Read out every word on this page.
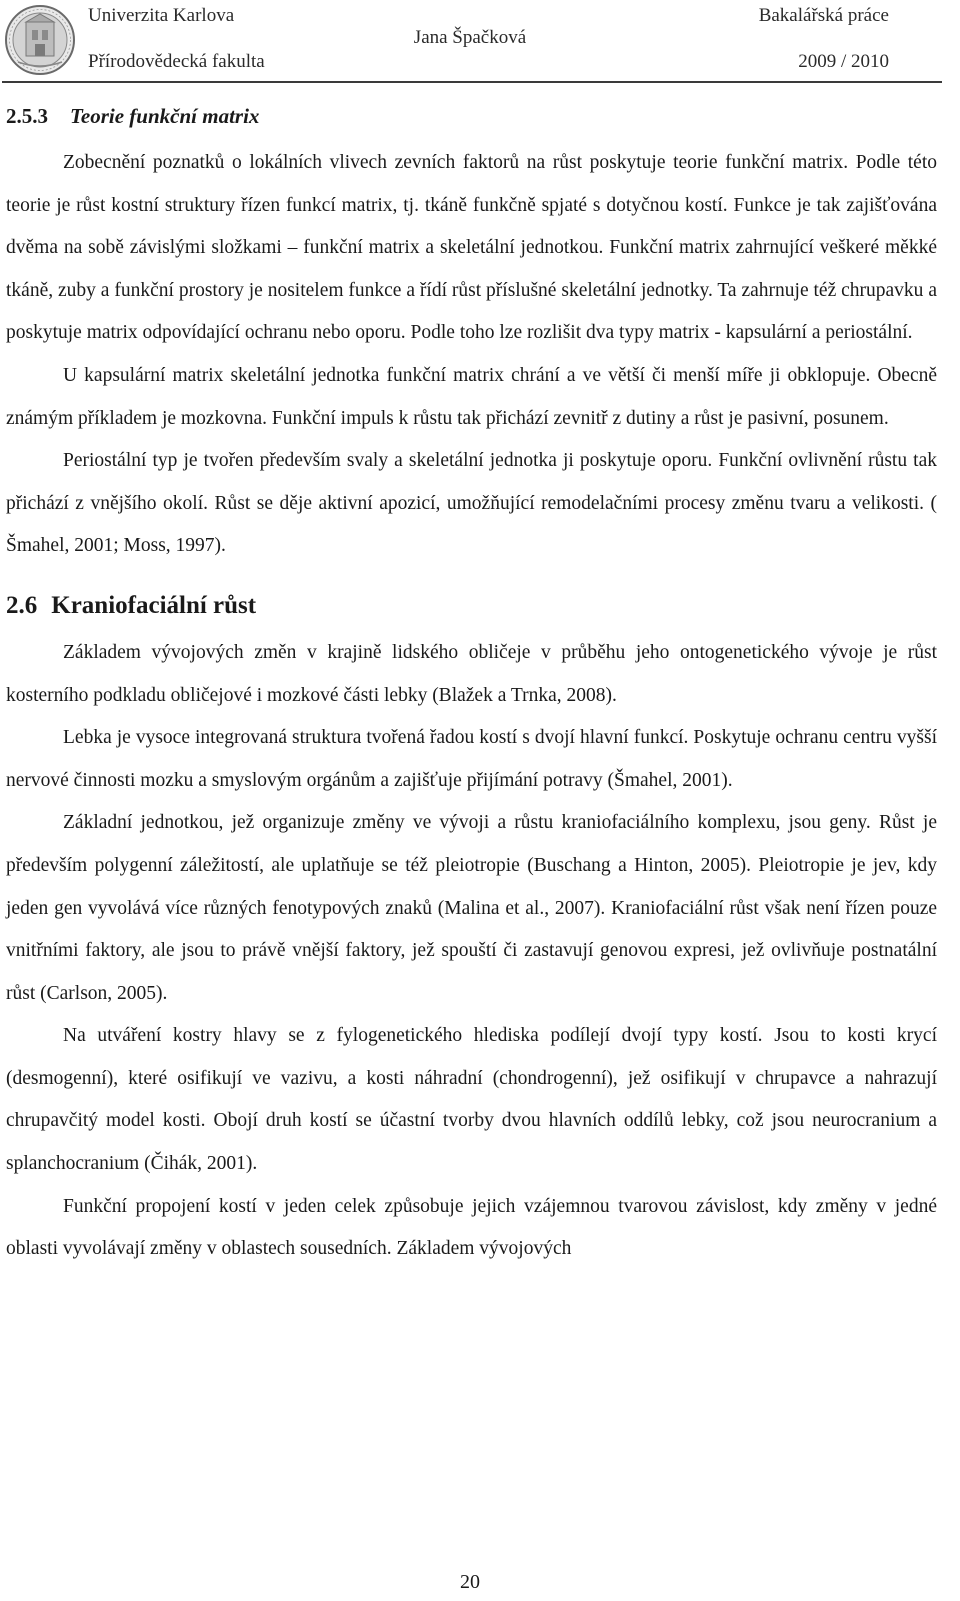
Univerzita Karlova
Přírodovědecká fakulta
Jana Špačková
Bakalářská práce
2009 / 2010
2.5.3 Teorie funkční matrix

Zobecnění poznatků o lokálních vlivech zevních faktorů na růst poskytuje teorie funkční matrix. Podle této teorie je růst kostní struktury řízen funkcí matrix, tj. tkáně funkčně spjaté s dotyčnou kostí. Funkce je tak zajišťována dvěma na sobě závislými složkami – funkční matrix a skeletální jednotkou. Funkční matrix zahrnující veškeré měkké tkáně, zuby a funkční prostory je nositelem funkce a řídí růst příslušné skeletální jednotky. Ta zahrnuje též chrupavku a poskytuje matrix odpovídající ochranu nebo oporu. Podle toho lze rozlišit dva typy matrix - kapsulární a periostální.

U kapsulární matrix skeletální jednotka funkční matrix chrání a ve větší či menší míře ji obklopuje. Obecně známým příkladem je mozkovna. Funkční impuls k růstu tak přichází zevnitř z dutiny a růst je pasivní, posunem.

Periostální typ je tvořen především svaly a skeletální jednotka ji poskytuje oporu. Funkční ovlivnění růstu tak přichází z vnějšího okolí. Růst se děje aktivní apozicí, umožňující remodelačními procesy změnu tvaru a velikosti. ( Šmahel, 2001; Moss, 1997).

2.6 Kraniofaciální růst

Základem vývojových změn v krajině lidského obličeje v průběhu jeho ontogenetického vývoje je růst kosterního podkladu obličejové i mozkové části lebky (Blažek a Trnka, 2008).

Lebka je vysoce integrovaná struktura tvořená řadou kostí s dvojí hlavní funkcí. Poskytuje ochranu centru vyšší nervové činnosti mozku a smyslovým orgánům a zajišťuje přijímání potravy (Šmahel, 2001).

Základní jednotkou, jež organizuje změny ve vývoji a růstu kraniofaciálního komplexu, jsou geny. Růst je především polygenní záležitostí, ale uplatňuje se též pleiotropie (Buschang a Hinton, 2005). Pleiotropie je jev, kdy jeden gen vyvolává více různých fenotypových znaků (Malina et al., 2007). Kraniofaciální růst však není řízen pouze vnitřními faktory, ale jsou to právě vnější faktory, jež spouští či zastavují genovou expresi, jež ovlivňuje postnatální růst (Carlson, 2005).

Na utváření kostry hlavy se z fylogenetického hlediska podílejí dvojí typy kostí. Jsou to kosti krycí (desmogenní), které osifikují ve vazivu, a kosti náhradní (chondrogenní), jež osifikují v chrupavce a nahrazují chrupavčitý model kosti. Obojí druh kostí se účastní tvorby dvou hlavních oddílů lebky, což jsou neurocranium a splanchocranium (Čihák, 2001).

Funkční propojení kostí v jeden celek způsobuje jejich vzájemnou tvarovou závislost, kdy změny v jedné oblasti vyvolávají změny v oblastech sousedních. Základem vývojových

20
